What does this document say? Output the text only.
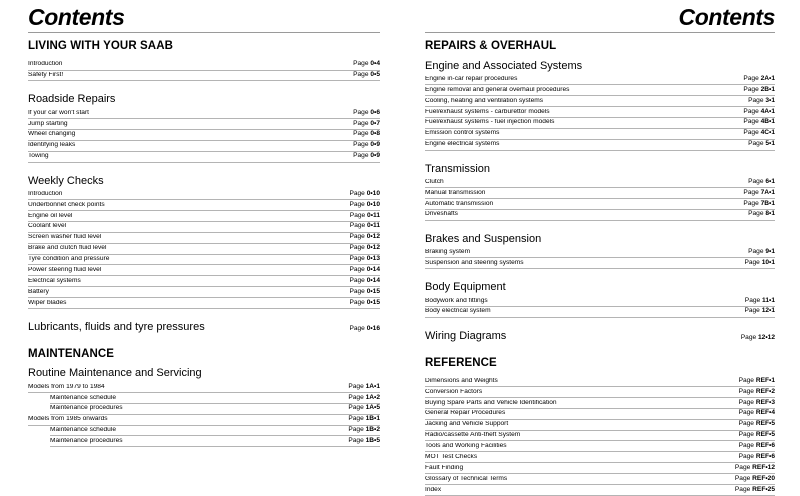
Contents
LIVING WITH YOUR SAAB
Introduction	Page 0•4
Safety First!	Page 0•5
Roadside Repairs
If your car won't start	Page 0•6
Jump starting	Page 0•7
Wheel changing	Page 0•8
Identifying leaks	Page 0•9
Towing	Page 0•9
Weekly Checks
Introduction	Page 0•10
Underbonnet check points	Page 0•10
Engine oil level	Page 0•11
Coolant level	Page 0•11
Screen washer fluid level	Page 0•12
Brake and clutch fluid level	Page 0•12
Tyre condition and pressure	Page 0•13
Power steering fluid level	Page 0•14
Electrical systems	Page 0•14
Battery	Page 0•15
Wiper blades	Page 0•15
Lubricants, fluids and tyre pressures	Page 0•16
MAINTENANCE
Routine Maintenance and Servicing
Models from 1979 to 1984	Page 1A•1
Maintenance schedule	Page 1A•2
Maintenance procedures	Page 1A•5
Models from 1985 onwards	Page 1B•1
Maintenance schedule	Page 1B•2
Maintenance procedures	Page 1B•5
Contents
REPAIRS & OVERHAUL
Engine and Associated Systems
Engine in-car repair procedures	Page 2A•1
Engine removal and general overhaul procedures	Page 2B•1
Cooling, heating and ventilation systems	Page 3•1
Fuel/exhaust systems - carburettor models	Page 4A•1
Fuel/exhaust systems - fuel injection models	Page 4B•1
Emission control systems	Page 4C•1
Engine electrical systems	Page 5•1
Transmission
Clutch	Page 6•1
Manual transmission	Page 7A•1
Automatic transmission	Page 7B•1
Driveshafts	Page 8•1
Brakes and Suspension
Braking system	Page 9•1
Suspension and steering systems	Page 10•1
Body Equipment
Bodywork and fittings	Page 11•1
Body electrical system	Page 12•1
Wiring Diagrams	Page 12•12
REFERENCE
Dimensions and Weights	Page REF•1
Conversion Factors	Page REF•2
Buying Spare Parts and Vehicle Identification	Page REF•3
General Repair Procedures	Page REF•4
Jacking and Vehicle Support	Page REF•5
Radio/cassette Anti-theft System	Page REF•5
Tools and Working Facilities	Page REF•6
MOT Test Checks	Page REF•6
Fault Finding	Page REF•12
Glossary of Technical Terms	Page REF•20
Index	Page REF•25
